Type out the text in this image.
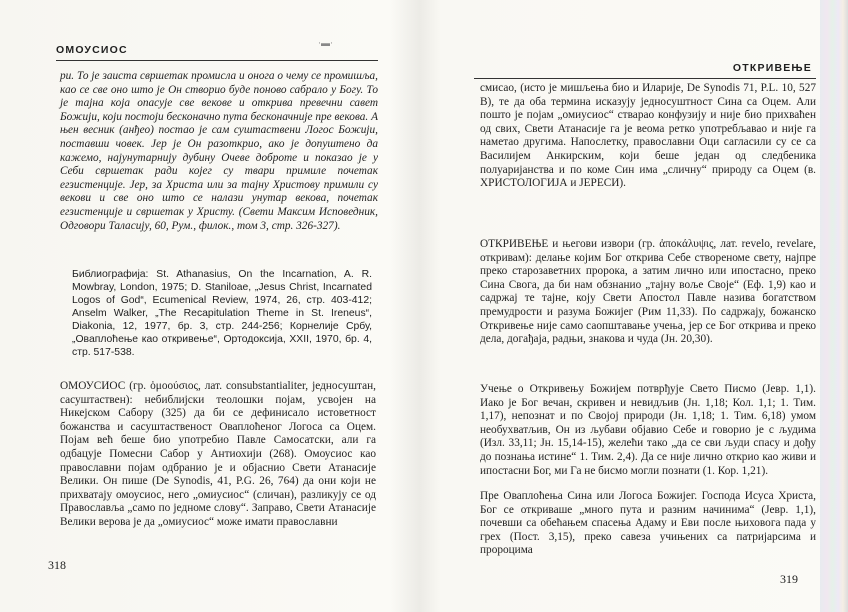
ОМОУСИОС
·▬·
ри. То је заиста свршетак промисла и онога о чему се промишља, као се све оно што је Он створио буде поново сабрало у Богу. То је тајна која опасује све векове и открива превечни савет Божији, који постоји бесконачно пута бесконачније пре векова. А њен весник (анђео) постао је сам суштаствени Логос Божији, поставши човек. Јер је Он разоткрио, ако је допуштено да кажемо, најунутарнију дубину Очеве доброте и показао је у Себи свршетак ради којег су твари примиле почетак егзистенције. Јер, за Христа или за тајну Христову примили су векови и све оно што се налази унутар векова, почетак егзистенције и свршетак у Христу. (Свети Максим Исповедник, Одговори Таласију, 60, Рум., филок., том 3, стр. 326-327).
Библиографија: St. Athanasius, On the Incarnation, A. R. Mowbray, London, 1975; D. Staniloae, „Jesus Christ, Incarnated Logos of God“, Ecumenical Review, 1974, 26, стр. 403-412; Anselm Walker, „The Recapitulation Theme in St. Ireneus“, Diakonia, 12, 1977, бр. 3, стр. 244-256; Корнелије Србу, „Оваплоћење као откривење“, Ортодоксија, XXII, 1970, бр. 4, стр. 517-538.
ОМОУСИОС (гр. ὁμοούσιος, лат. consubstantialiter, једносуштан, сасуштаствен): небиблијски теолошки појам, усвојен на Никејском Сабору (325) да би се дефинисало истоветност божанства и сасуштаственост Оваплоћеног Логоса са Оцем. Појам већ беше био употребио Павле Самосатски, али га одбацује Помесни Сабор у Антиохији (268). Омоусиос као православни појам одбранио је и објаснио Свети Атанасије Велики. Он пише (De Synodis, 41, P.G. 26, 764) да они који не прихватају омоусиос, него „омиусиос“ (сличан), разликују се од Православља „само по једноме слову“. Заправо, Свети Атанасије Велики верова је да „омиусиос“ може имати православни
318
ОТКРИВЕЊЕ
смисао, (исто је мишљења био и Иларије, De Synodis 71, P.L. 10, 527 B), те да оба термина исказују једносуштност Сина са Оцем. Али пошто је појам „омиусиос“ стварао конфузију и није био прихваћен од свих, Свети Атанасије га је веома ретко употребљавао и није га наметао другима. Напослетку, православни Оци сагласили су се са Василијем Анкирским, који беше један од следбеника полуаријанства и по коме Син има „сличну“ природу са Оцем (в. ХРИСТОЛОГИЈА и ЈЕРЕСИ).
ОТКРИВЕЊЕ и његови извори (гр. ἀποκάλυψις, лат. revelo, revelare, откривам): делање којим Бог открива Себе створеноме свету, најпре преко старозаветних пророка, а затим лично или ипостасно, преко Сина Свога, да би нам обзнанио „тајну воље Своје“ (Еф. 1,9) као и садржај те тајне, коју Свети Апостол Павле назива богатством премудрости и разума Божијег (Рим 11,33). По садржају, божанско Откривење није само саопштавање учења, јер се Бог открива и преко дела, догађаја, радњи, знакова и чуда (Јн. 20,30).
Учење о Откривењу Божијем потврђује Свето Писмо (Јевр. 1,1). Иако је Бог вечан, скривен и невидљив (Јн. 1,18; Кол. 1,1; 1. Тим. 1,17), непознат и по Својој природи (Јн. 1,18; 1. Тим. 6,18) умом необухватљив, Он из љубави објавио Себе и говорио је с људима (Изл. 33,11; Јн. 15,14-15), желећи тако „да се сви људи спасу и дођу до познања истине“ 1. Тим. 2,4). Да се није лично открио као живи и ипостасни Бог, ми Га не бисмо могли познати (1. Кор. 1,21).
Пре Оваплоћења Сина или Логоса Божијег. Господа Исуса Христа, Бог се откриваше „много пута и разним начинима“ (Јевр. 1,1), почевши са обећањем спасења Адаму и Еви после њиховога пада у грех (Пост. 3,15), преко савеза учињених са патријарсима и пророцима
319
